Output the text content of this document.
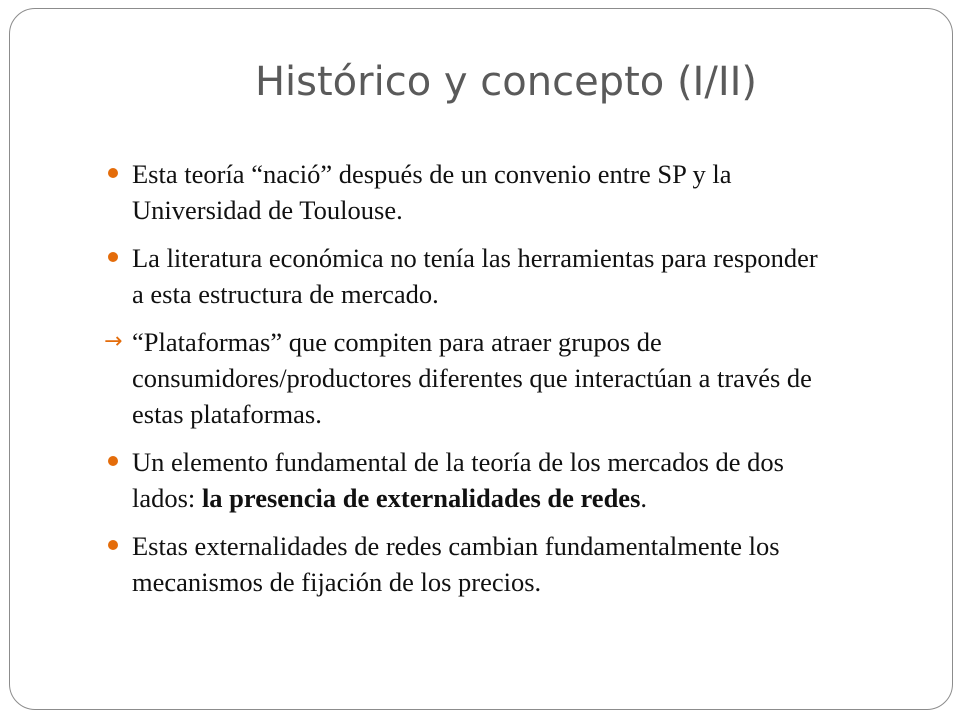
Histórico y concepto (I/II)
Esta teoría “nació” después de un convenio entre SP y la
Universidad de Toulouse.
La literatura económica no tenía las herramientas para responder
a esta estructura de mercado.
→ “Plataformas” que compiten para atraer grupos de
consumidores/productores diferentes que interactúan a través de
estas plataformas.
Un elemento fundamental de la teoría de los mercados de dos
lados: la presencia de externalidades de redes.
Estas externalidades de redes cambian fundamentalmente los
mecanismos de fijación de los precios.
